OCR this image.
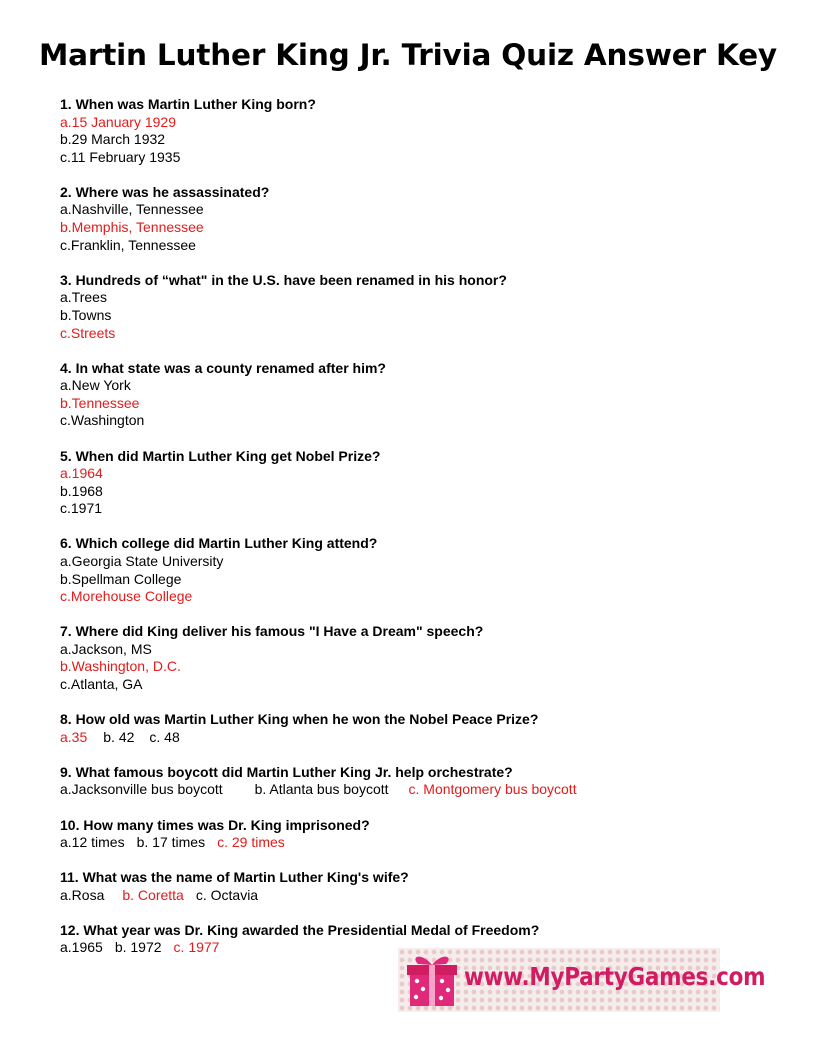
Martin Luther King Jr. Trivia Quiz Answer Key
1. When was Martin Luther King born?
a.15 January 1929
b.29 March 1932
c.11 February 1935
2. Where was he assassinated?
a.Nashville, Tennessee
b.Memphis, Tennessee
c.Franklin, Tennessee
3. Hundreds of “what" in the U.S. have been renamed in his honor?
a.Trees
b.Towns
c.Streets
4. In what state was a county renamed after him?
a.New York
b.Tennessee
c.Washington
5. When did Martin Luther King get Nobel Prize?
a.1964
b.1968
c.1971
6. Which college did Martin Luther King attend?
a.Georgia State University
b.Spellman College
c.Morehouse College
7. Where did King deliver his famous "I Have a Dream" speech?
a.Jackson, MS
b.Washington, D.C.
c.Atlanta, GA
8. How old was Martin Luther King when he won the Nobel Peace Prize?
a.35 b. 42 c. 48
9. What famous boycott did Martin Luther King Jr. help orchestrate?
a.Jacksonville bus boycott b. Atlanta bus boycott c. Montgomery bus boycott
10. How many times was Dr. King imprisoned?
a.12 times b. 17 times c. 29 times
11. What was the name of Martin Luther King's wife?
a.Rosa b. Coretta c. Octavia
12. What year was Dr. King awarded the Presidential Medal of Freedom?
a.1965 b. 1972 c. 1977
www.MyPartyGames.com
